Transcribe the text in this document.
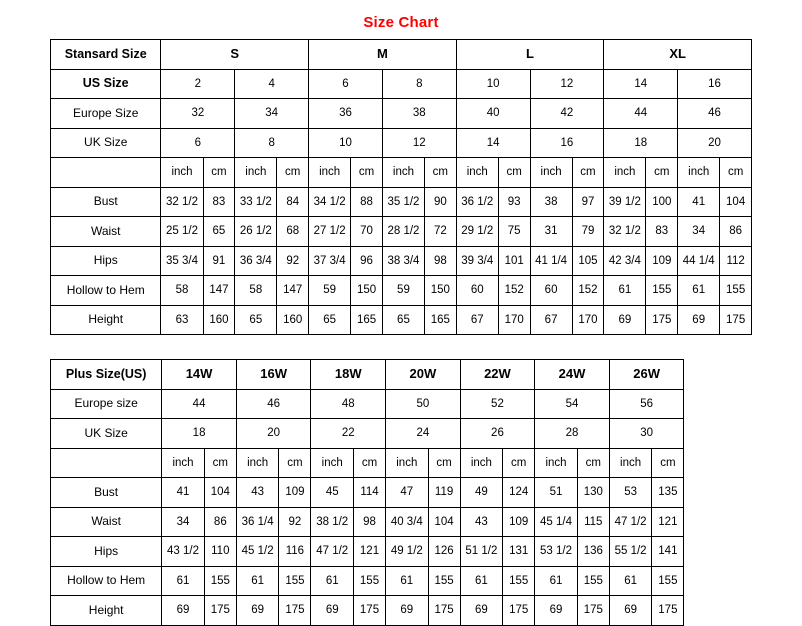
Size Chart
Stansard Size	S				M				L				XL			
US Size	2		4		6		8		10		12		14		16	
Europe Size	32		34		36		38		40		42		44		46	
UK Size	6		8		10		12		14		16		18		20	
	inch	cm	inch	cm	inch	cm	inch	cm	inch	cm	inch	cm	inch	cm	inch	cm
Bust	32 1/2	83	33 1/2	84	34 1/2	88	35 1/2	90	36 1/2	93	38	97	39 1/2	100	41	104
Waist	25 1/2	65	26 1/2	68	27 1/2	70	28 1/2	72	29 1/2	75	31	79	32 1/2	83	34	86
Hips	35 3/4	91	36 3/4	92	37 3/4	96	38 3/4	98	39 3/4	101	41 1/4	105	42 3/4	109	44 1/4	112
Hollow to Hem	58	147	58	147	59	150	59	150	60	152	60	152	61	155	61	155
Height	63	160	65	160	65	165	65	165	67	170	67	170	69	175	69	175
Plus Size(US)	14W		16W		18W		20W		22W		24W		26W		
Europe size	44		46		48		50		52		54		56		
UK Size	18		20		22		24		26		28		30		
	inch	cm	inch	cm	inch	cm	inch	cm	inch	cm	inch	cm	inch	cm	
Bust	41	104	43	109	45	114	47	119	49	124	51	130	53	135	
Waist	34	86	36 1/4	92	38 1/2	98	40 3/4	104	43	109	45 1/4	115	47 1/2	121	
Hips	43 1/2	110	45 1/2	116	47 1/2	121	49 1/2	126	51 1/2	131	53 1/2	136	55 1/2	141	
Hollow to Hem	61	155	61	155	61	155	61	155	61	155	61	155	61	155	
Height	69	175	69	175	69	175	69	175	69	175	69	175	69	175	
